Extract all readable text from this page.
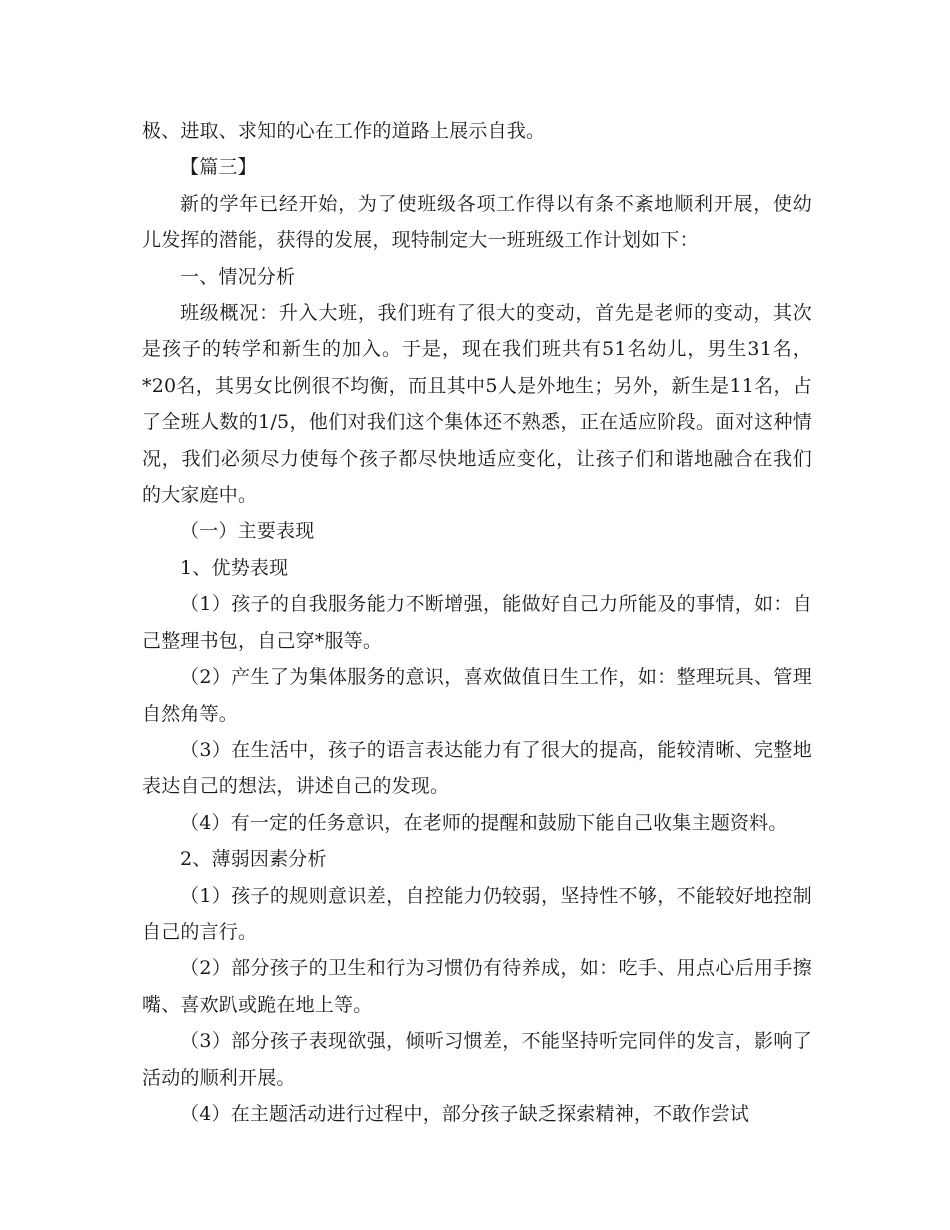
极、进取、求知的心在工作的道路上展示自我。

【篇三】

新的学年已经开始，为了使班级各项工作得以有条不紊地顺利开展，使幼儿发挥的潜能，获得的发展，现特制定大一班班级工作计划如下：

一、情况分析

班级概况：升入大班，我们班有了很大的变动，首先是老师的变动，其次是孩子的转学和新生的加入。于是，现在我们班共有51名幼儿，男生31名，*20名，其男女比例很不均衡，而且其中5人是外地生；另外，新生是11名，占了全班人数的1/5，他们对我们这个集体还不熟悉，正在适应阶段。面对这种情况，我们必须尽力使每个孩子都尽快地适应变化，让孩子们和谐地融合在我们的大家庭中。

（一）主要表现

1、优势表现

（1）孩子的自我服务能力不断增强，能做好自己力所能及的事情，如：自己整理书包，自己穿*服等。

（2）产生了为集体服务的意识，喜欢做值日生工作，如：整理玩具、管理自然角等。

（3）在生活中，孩子的语言表达能力有了很大的提高，能较清晰、完整地表达自己的想法，讲述自己的发现。

（4）有一定的任务意识，在老师的提醒和鼓励下能自己收集主题资料。

2、薄弱因素分析

（1）孩子的规则意识差，自控能力仍较弱，坚持性不够，不能较好地控制自己的言行。

（2）部分孩子的卫生和行为习惯仍有待养成，如：吃手、用点心后用手擦嘴、喜欢趴或跪在地上等。

（3）部分孩子表现欲强，倾听习惯差，不能坚持听完同伴的发言，影响了活动的顺利开展。

（4）在主题活动进行过程中，部分孩子缺乏探索精神，不敢作尝试
